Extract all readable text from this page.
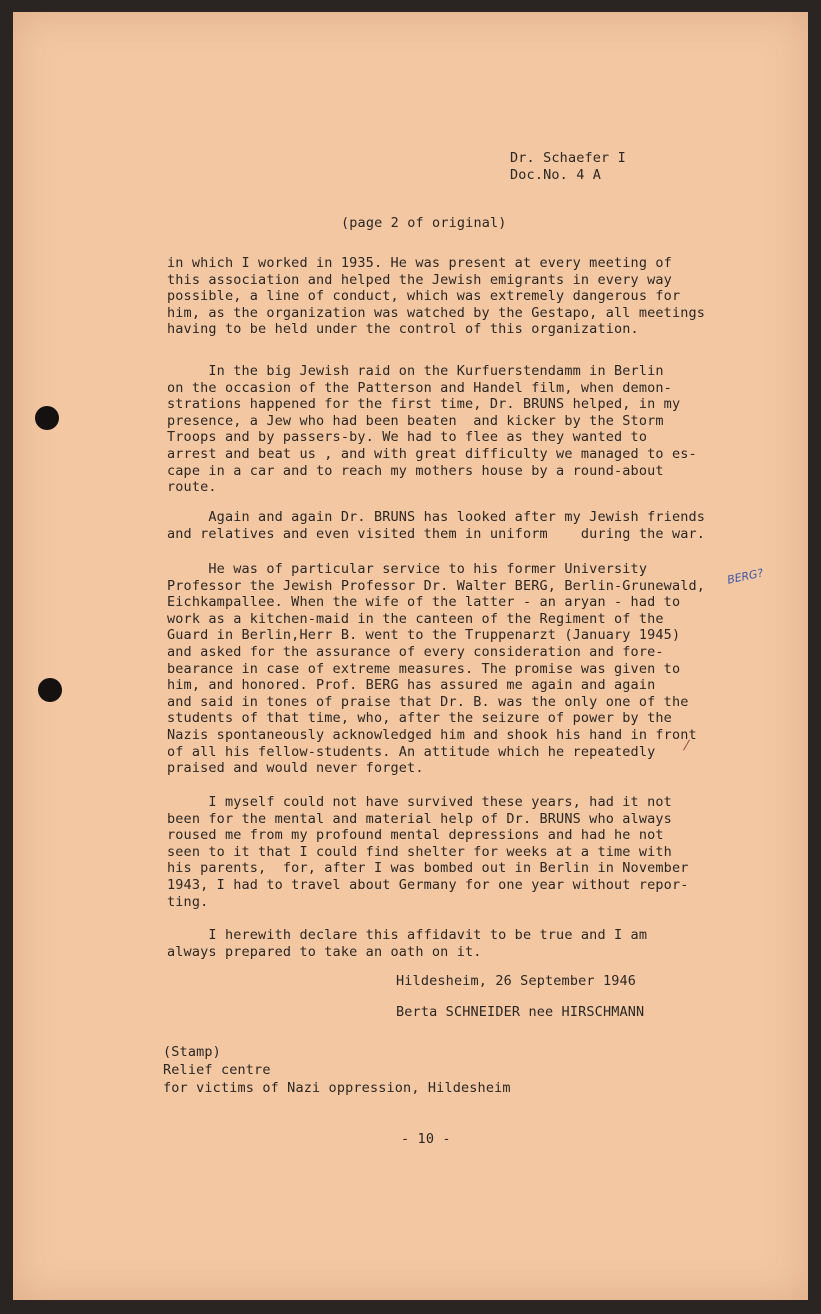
Dr. Schaefer I
Doc.No. 4 A
(page 2 of original)
in which I worked in 1935. He was present at every meeting of
this association and helped the Jewish emigrants in every way
possible, a line of conduct, which was extremely dangerous for
him, as the organization was watched by the Gestapo, all meetings
having to be held under the control of this organization.
In the big Jewish raid on the Kurfuerstendamm in Berlin
on the occasion of the Patterson and Handel film, when demon-
strations happened for the first time, Dr. BRUNS helped, in my
presence, a Jew who had been beaten  and kicker by the Storm
Troops and by passers-by. We had to flee as they wanted to
arrest and beat us , and with great difficulty we managed to es-
cape in a car and to reach my mothers house by a round-about
route.
Again and again Dr. BRUNS has looked after my Jewish friends
and relatives and even visited them in uniform    during the war.
He was of particular service to his former University
Professor the Jewish Professor Dr. Walter BERG, Berlin-Grunewald,
Eichkampallee. When the wife of the latter - an aryan - had to
work as a kitchen-maid in the canteen of the Regiment of the
Guard in Berlin,Herr B. went to the Truppenarzt (January 1945)
and asked for the assurance of every consideration and fore-
bearance in case of extreme measures. The promise was given to
him, and honored. Prof. BERG has assured me again and again
and said in tones of praise that Dr. B. was the only one of the
students of that time, who, after the seizure of power by the
Nazis spontaneously acknowledged him and shook his hand in front
of all his fellow-students. An attitude which he repeatedly
praised and would never forget.
I myself could not have survived these years, had it not
been for the mental and material help of Dr. BRUNS who always
roused me from my profound mental depressions and had he not
seen to it that I could find shelter for weeks at a time with
his parents,  for, after I was bombed out in Berlin in November
1943, I had to travel about Germany for one year without repor-
ting.
I herewith declare this affidavit to be true and I am
always prepared to take an oath on it.
BERG?
Hildesheim, 26 September 1946
Berta SCHNEIDER nee HIRSCHMANN
(Stamp)
Relief centre
for victims of Nazi oppression, Hildesheim
- 10 -
